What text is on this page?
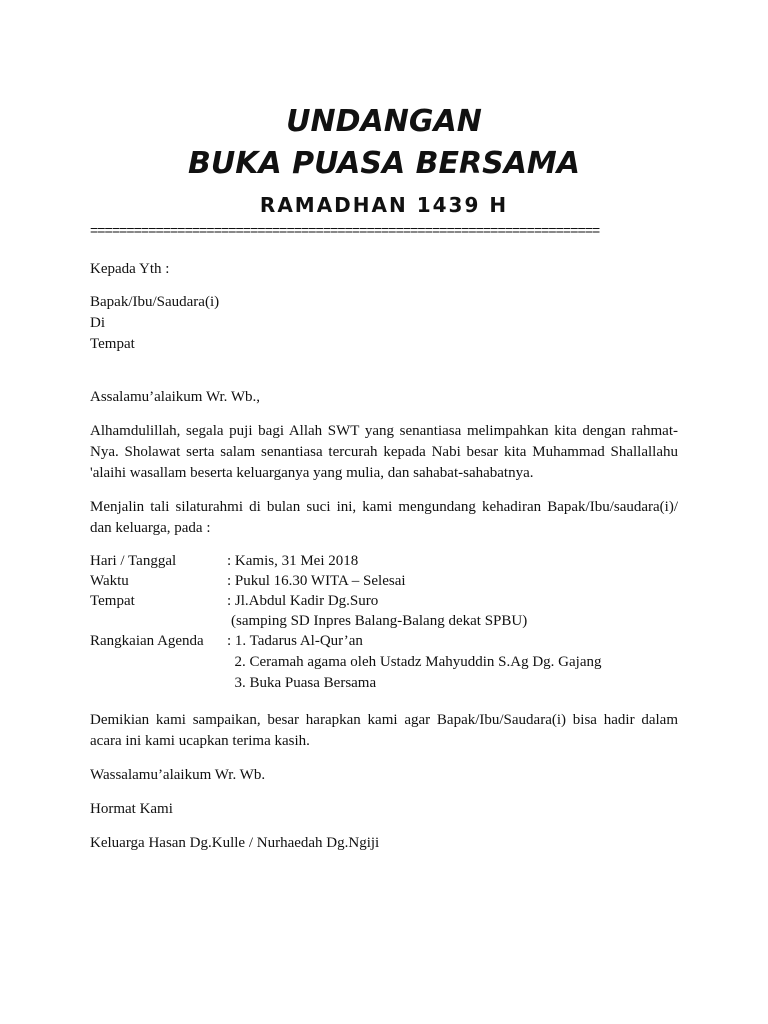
UNDANGAN
BUKA PUASA BERSAMA
RAMADHAN 1439 H
======================================================================
Kepada Yth :
Bapak/Ibu/Saudara(i)
Di
Tempat
Assalamu’alaikum Wr. Wb.,
Alhamdulillah, segala puji bagi Allah SWT yang senantiasa melimpahkan kita dengan rahmat-Nya. Sholawat serta salam senantiasa tercurah kepada Nabi besar kita Muhammad Shallallahu 'alaihi wasallam beserta keluarganya yang mulia, dan sahabat-sahabatnya.
Menjalin tali silaturahmi di bulan suci ini, kami mengundang kehadiran Bapak/Ibu/saudara(i)/ dan keluarga, pada :
Hari / Tanggal	: Kamis, 31 Mei 2018
Waktu	: Pukul 16.30 WITA – Selesai
Tempat	: Jl.Abdul Kadir Dg.Suro
(samping SD Inpres Balang-Balang dekat SPBU)
Rangkaian Agenda : 1. Tadarus Al-Qur’an
2. Ceramah agama oleh Ustadz Mahyuddin S.Ag Dg. Gajang
3. Buka Puasa Bersama
Demikian kami sampaikan, besar harapkan kami agar Bapak/Ibu/Saudara(i) bisa hadir dalam acara ini kami ucapkan terima kasih.
Wassalamu’alaikum Wr. Wb.
Hormat Kami
Keluarga Hasan Dg.Kulle / Nurhaedah Dg.Ngiji
